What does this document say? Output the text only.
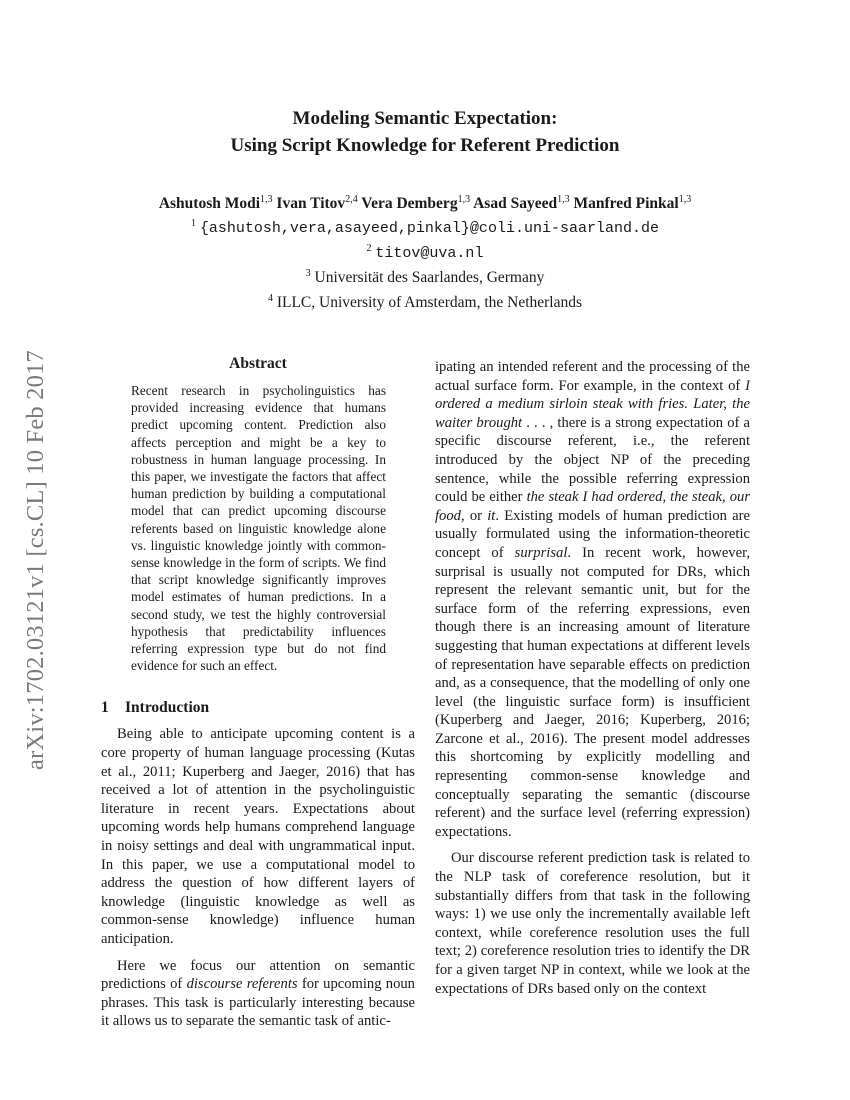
arXiv:1702.03121v1 [cs.CL] 10 Feb 2017
Modeling Semantic Expectation:
Using Script Knowledge for Referent Prediction
Ashutosh Modi$^{1,3}$ Ivan Titov$^{2,4}$ Vera Demberg$^{1,3}$ Asad Sayeed$^{1,3}$ Manfred Pinkal$^{1,3}$
$^1$ {ashutosh,vera,asayeed,pinkal}@coli.uni-saarland.de
$^2$ titov@uva.nl
$^3$ Universität des Saarlandes, Germany
$^4$ ILLC, University of Amsterdam, the Netherlands
Abstract
Recent research in psycholinguistics has provided increasing evidence that humans predict upcoming content. Prediction also affects perception and might be a key to robustness in human language processing. In this paper, we investigate the factors that affect human prediction by building a computational model that can predict upcoming discourse referents based on linguistic knowledge alone vs. linguistic knowledge jointly with common-sense knowledge in the form of scripts. We find that script knowledge significantly improves model estimates of human predictions. In a second study, we test the highly controversial hypothesis that predictability influences referring expression type but do not find evidence for such an effect.
1 Introduction

Being able to anticipate upcoming content is a core property of human language processing (Kutas et al., 2011; Kuperberg and Jaeger, 2016) that has received a lot of attention in the psycholinguistic literature in recent years. Expectations about upcoming words help humans comprehend language in noisy settings and deal with ungrammatical input. In this paper, we use a computational model to address the question of how different layers of knowledge (linguistic knowledge as well as common-sense knowledge) influence human anticipation.

Here we focus our attention on semantic predictions of discourse referents for upcoming noun phrases. This task is particularly interesting because it allows us to separate the semantic task of antic-

ipating an intended referent and the processing of the actual surface form. For example, in the context of I ordered a medium sirloin steak with fries. Later, the waiter brought . . . , there is a strong expectation of a specific discourse referent, i.e., the referent introduced by the object NP of the preceding sentence, while the possible referring expression could be either the steak I had ordered, the steak, our food, or it. Existing models of human prediction are usually formulated using the information-theoretic concept of surprisal. In recent work, however, surprisal is usually not computed for DRs, which represent the relevant semantic unit, but for the surface form of the referring expressions, even though there is an increasing amount of literature suggesting that human expectations at different levels of representation have separable effects on prediction and, as a consequence, that the modelling of only one level (the linguistic surface form) is insufficient (Kuperberg and Jaeger, 2016; Kuperberg, 2016; Zarcone et al., 2016). The present model addresses this shortcoming by explicitly modelling and representing common-sense knowledge and conceptually separating the semantic (discourse referent) and the surface level (referring expression) expectations.

Our discourse referent prediction task is related to the NLP task of coreference resolution, but it substantially differs from that task in the following ways: 1) we use only the incrementally available left context, while coreference resolution uses the full text; 2) coreference resolution tries to identify the DR for a given target NP in context, while we look at the expectations of DRs based only on the context
